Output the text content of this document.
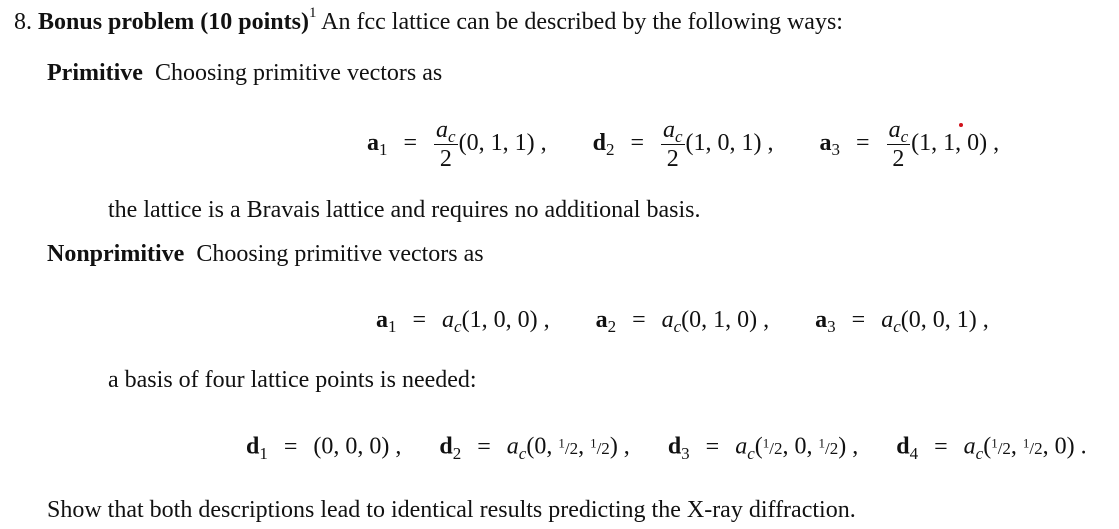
8. Bonus problem (10 points)$^1$ An fcc lattice can be described by the following ways:
Primitive Choosing primitive vectors as
$a_1 = \frac{a_c}{2} (0$, 1, 1) , $d_2 = \frac{a_c}{2} (1$, 0, 1) , $a_3 = \frac{a_c}{2} (1$, 1, 0) ,
the lattice is a Bravais lattice and requires no additional basis.
Nonprimitive Choosing primitive vectors as
$a_1 = a_c(1$, 0, 0) , $a_2 = a_c(0$, 1, 0) , $a_3 = a_c(0$, 0, 1) ,
a basis of four lattice points is needed:
$d_1 = (0$, 0, 0) , $d_2 = a_c(0$, $^1$/2, $^1$/2) , $d_3 = a_c(^1/2$, 0, $^1$/2) , $d_4 = a_c(^1/2$, $^1$/2, 0) .
Show that both descriptions lead to identical results predicting the X-ray diffraction.
